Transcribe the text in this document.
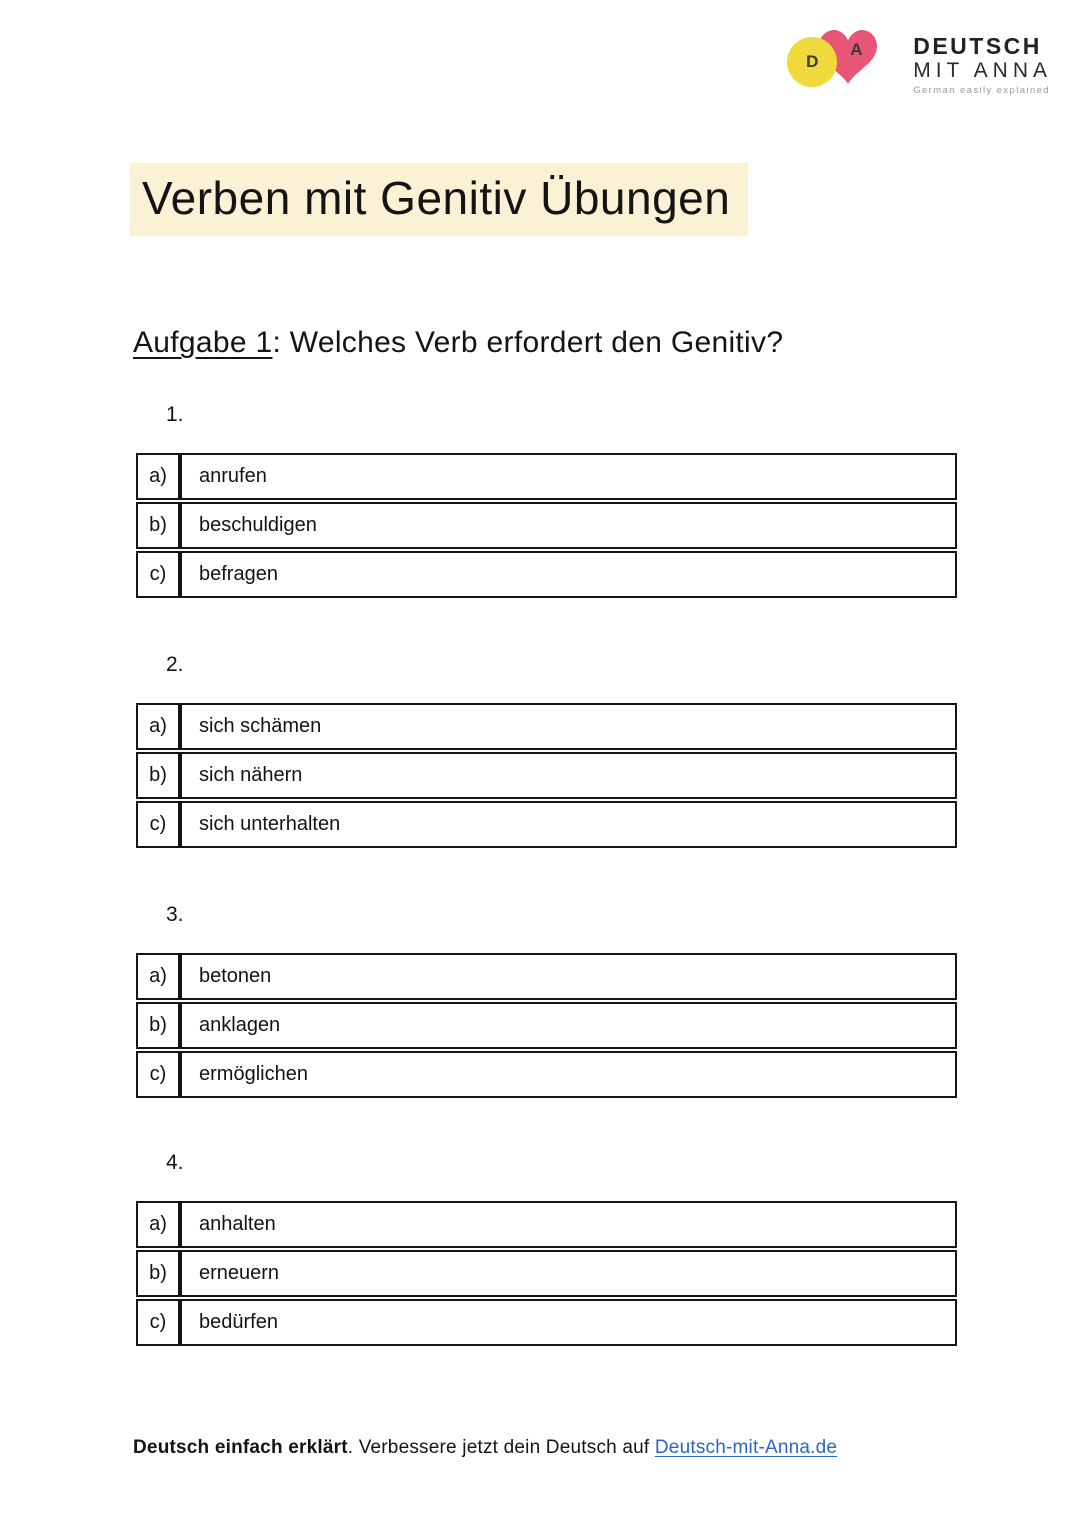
A
D
DEUTSCH
MIT ANNA
German easily explained
Verben mit Genitiv Übungen
Aufgabe 1: Welches Verb erfordert den Genitiv?
1.
a)	anrufen
b)	beschuldigen
c)	befragen
2.
a)	sich schämen
b)	sich nähern
c)	sich unterhalten
3.
a)	betonen
b)	anklagen
c)	ermöglichen
4.
a)	anhalten
b)	erneuern
c)	bedürfen
Deutsch einfach erklärt. Verbessere jetzt dein Deutsch auf Deutsch-mit-Anna.de
